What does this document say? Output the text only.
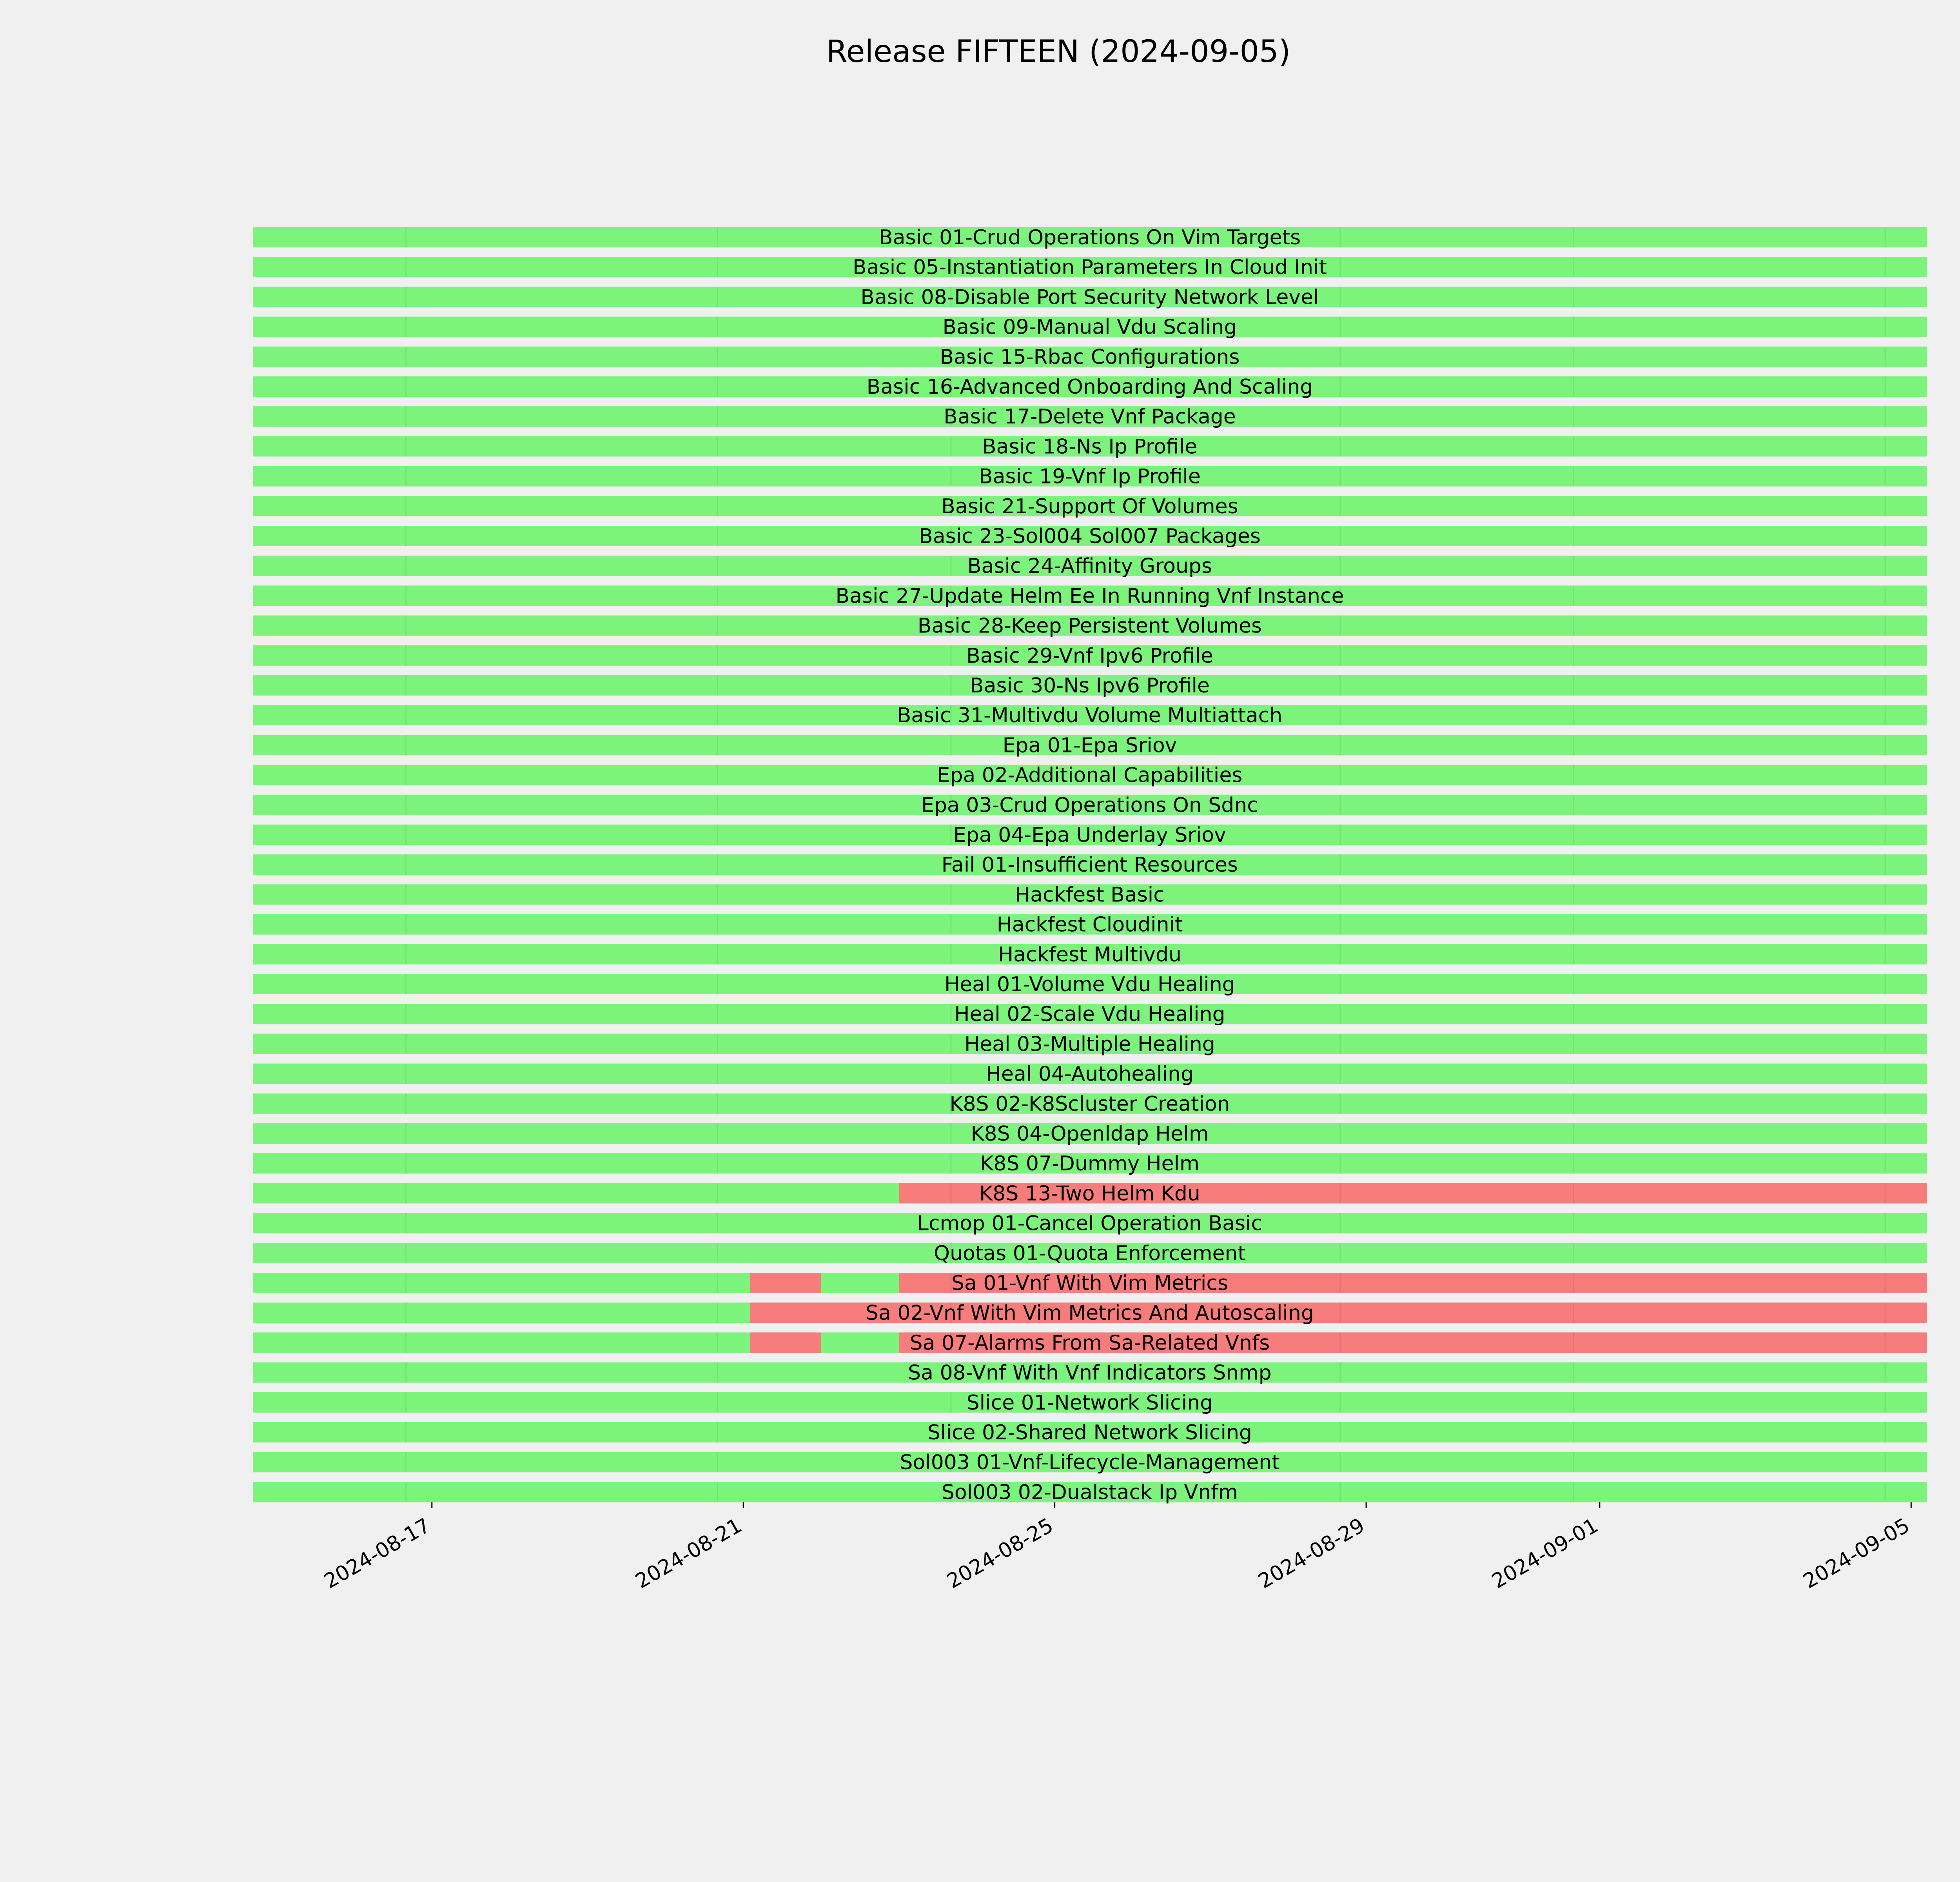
Release FIFTEEN (2024-09-05)
Basic 01-Crud Operations On Vim Targets
Basic 05-Instantiation Parameters In Cloud Init
Basic 08-Disable Port Security Network Level
Basic 09-Manual Vdu Scaling
Basic 15-Rbac Configurations
Basic 16-Advanced Onboarding And Scaling
Basic 17-Delete Vnf Package
Basic 18-Ns Ip Profile
Basic 19-Vnf Ip Profile
Basic 21-Support Of Volumes
Basic 23-Sol004 Sol007 Packages
Basic 24-Affinity Groups
Basic 27-Update Helm Ee In Running Vnf Instance
Basic 28-Keep Persistent Volumes
Basic 29-Vnf Ipv6 Profile
Basic 30-Ns Ipv6 Profile
Basic 31-Multivdu Volume Multiattach
Epa 01-Epa Sriov
Epa 02-Additional Capabilities
Epa 03-Crud Operations On Sdnc
Epa 04-Epa Underlay Sriov
Fail 01-Insufficient Resources
Hackfest Basic
Hackfest Cloudinit
Hackfest Multivdu
Heal 01-Volume Vdu Healing
Heal 02-Scale Vdu Healing
Heal 03-Multiple Healing
Heal 04-Autohealing
K8S 02-K8Scluster Creation
K8S 04-Openldap Helm
K8S 07-Dummy Helm
K8S 13-Two Helm Kdu
Lcmop 01-Cancel Operation Basic
Quotas 01-Quota Enforcement
Sa 01-Vnf With Vim Metrics
Sa 02-Vnf With Vim Metrics And Autoscaling
Sa 07-Alarms From Sa-Related Vnfs
Sa 08-Vnf With Vnf Indicators Snmp
Slice 01-Network Slicing
Slice 02-Shared Network Slicing
Sol003 01-Vnf-Lifecycle-Management
Sol003 02-Dualstack Ip Vnfm
2024-08-17	2024-08-21	2024-08-25	2024-08-29	2024-09-01	2024-09-05
